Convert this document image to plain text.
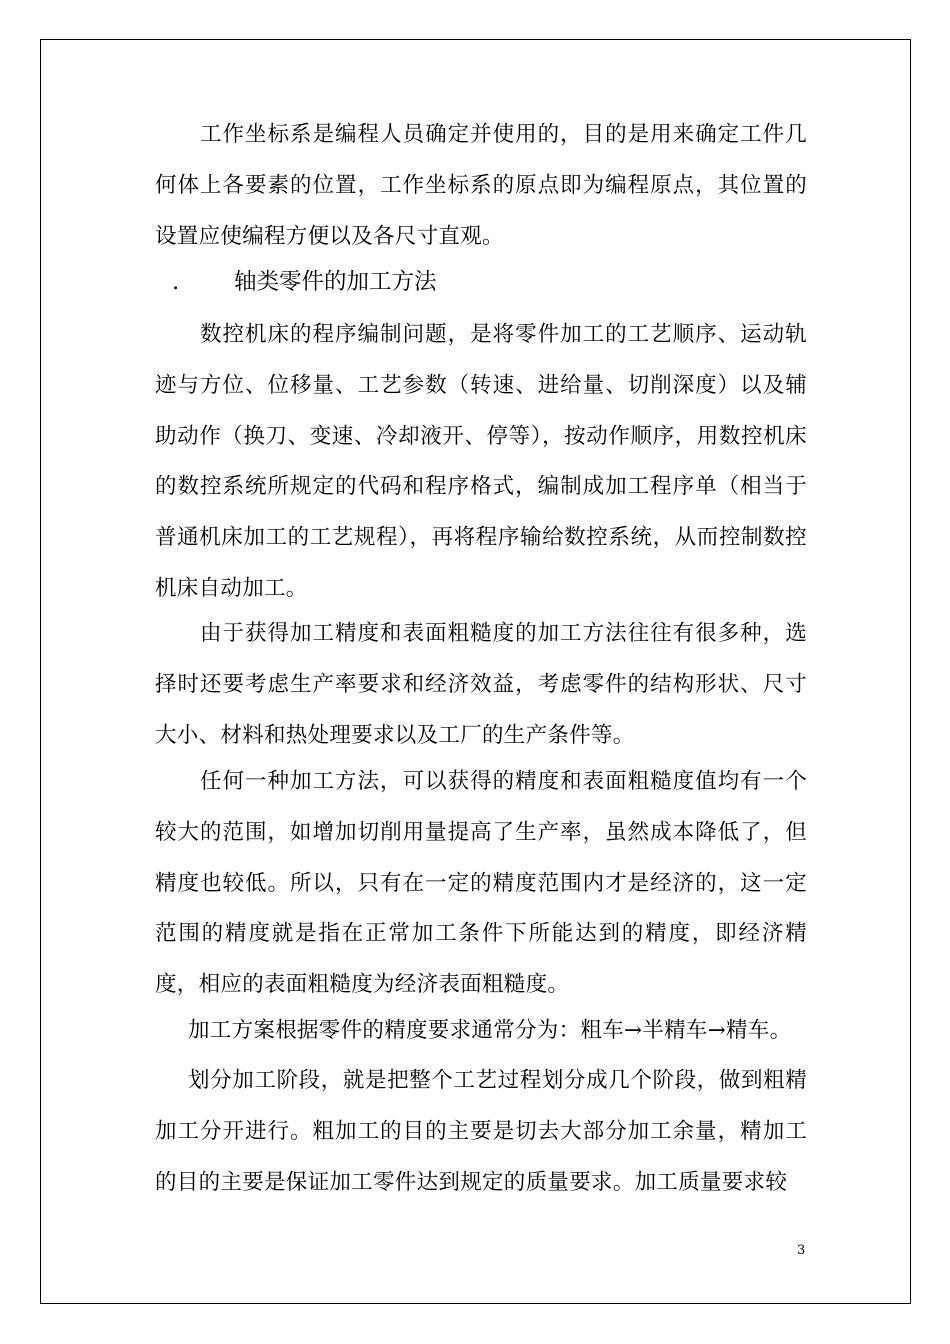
工作坐标系是编程人员确定并使用的，目的是用来确定工件几何体上各要素的位置，工作坐标系的原点即为编程原点，其位置的设置应使编程方便以及各尺寸直观。

. 轴类零件的加工方法

数控机床的程序编制问题，是将零件加工的工艺顺序、运动轨迹与方位、位移量、工艺参数（转速、进给量、切削深度）以及辅助动作（换刀、变速、冷却液开、停等），按动作顺序，用数控机床的数控系统所规定的代码和程序格式，编制成加工程序单（相当于普通机床加工的工艺规程），再将程序输给数控系统，从而控制数控机床自动加工。

由于获得加工精度和表面粗糙度的加工方法往往有很多种，选择时还要考虑生产率要求和经济效益，考虑零件的结构形状、尺寸大小、材料和热处理要求以及工厂的生产条件等。

任何一种加工方法，可以获得的精度和表面粗糙度值均有一个较大的范围，如增加切削用量提高了生产率，虽然成本降低了，但精度也较低。所以，只有在一定的精度范围内才是经济的，这一定范围的精度就是指在正常加工条件下所能达到的精度，即经济精度，相应的表面粗糙度为经济表面粗糙度。

加工方案根据零件的精度要求通常分为：粗车→半精车→精车。

划分加工阶段，就是把整个工艺过程划分成几个阶段，做到粗精加工分开进行。粗加工的目的主要是切去大部分加工余量，精加工的目的主要是保证加工零件达到规定的质量要求。加工质量要求较

3
